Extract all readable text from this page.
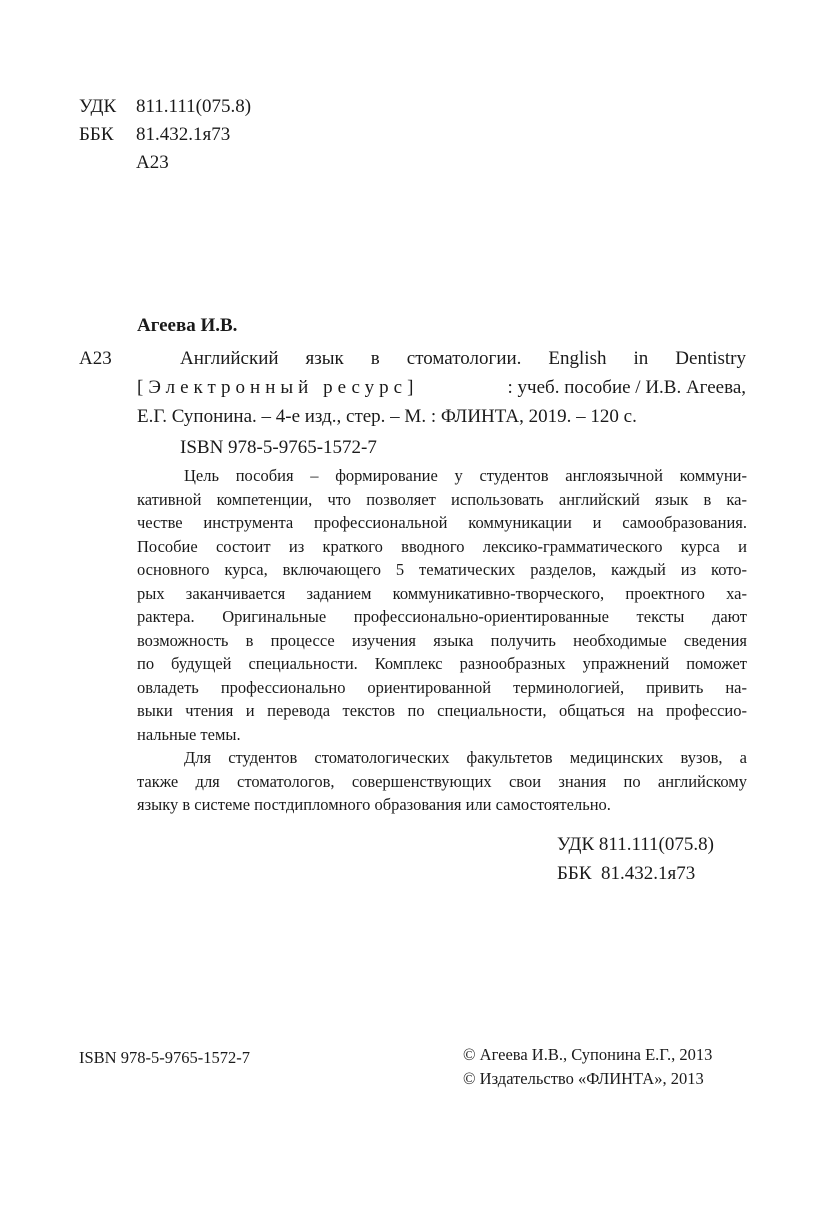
УДК 811.111(075.8)
ББК 81.432.1я73
А23
Агеева И.В.
А23	Английский язык в стоматологии. English in Dentistry
[Электронный ресурс]	: учеб. пособие / И.В. Агеева,
Е.Г. Супонина. – 4-е изд., стер. – М. : ФЛИНТА, 2019. – 120 с.
ISBN 978-5-9765-1572-7
Цель пособия – формирование у студентов англоязычной коммуни-
кативной компетенции, что позволяет использовать английский язык в ка-
честве инструмента профессиональной коммуникации и самообразования.
Пособие состоит из краткого вводного лексико-грамматического курса и
основного курса, включающего 5 тематических разделов, каждый из кото-
рых заканчивается заданием коммуникативно-творческого, проектного ха-
рактера. Оригинальные профессионально-ориентированные тексты дают
возможность в процессе изучения языка получить необходимые сведения
по будущей специальности. Комплекс разнообразных упражнений поможет
овладеть профессионально ориентированной терминологией, привить на-
выки чтения и перевода текстов по специальности, общаться на профессио-
нальные темы.
Для студентов стоматологических факультетов медицинских вузов, а
также для стоматологов, совершенствующих свои знания по английскому
языку в системе постдипломного образования или самостоятельно.
УДК 811.111(075.8)
ББК  81.432.1я73
ISBN 978-5-9765-1572-7	© Агеева И.В., Супонина Е.Г., 2013
© Издательство «ФЛИНТА», 2013
